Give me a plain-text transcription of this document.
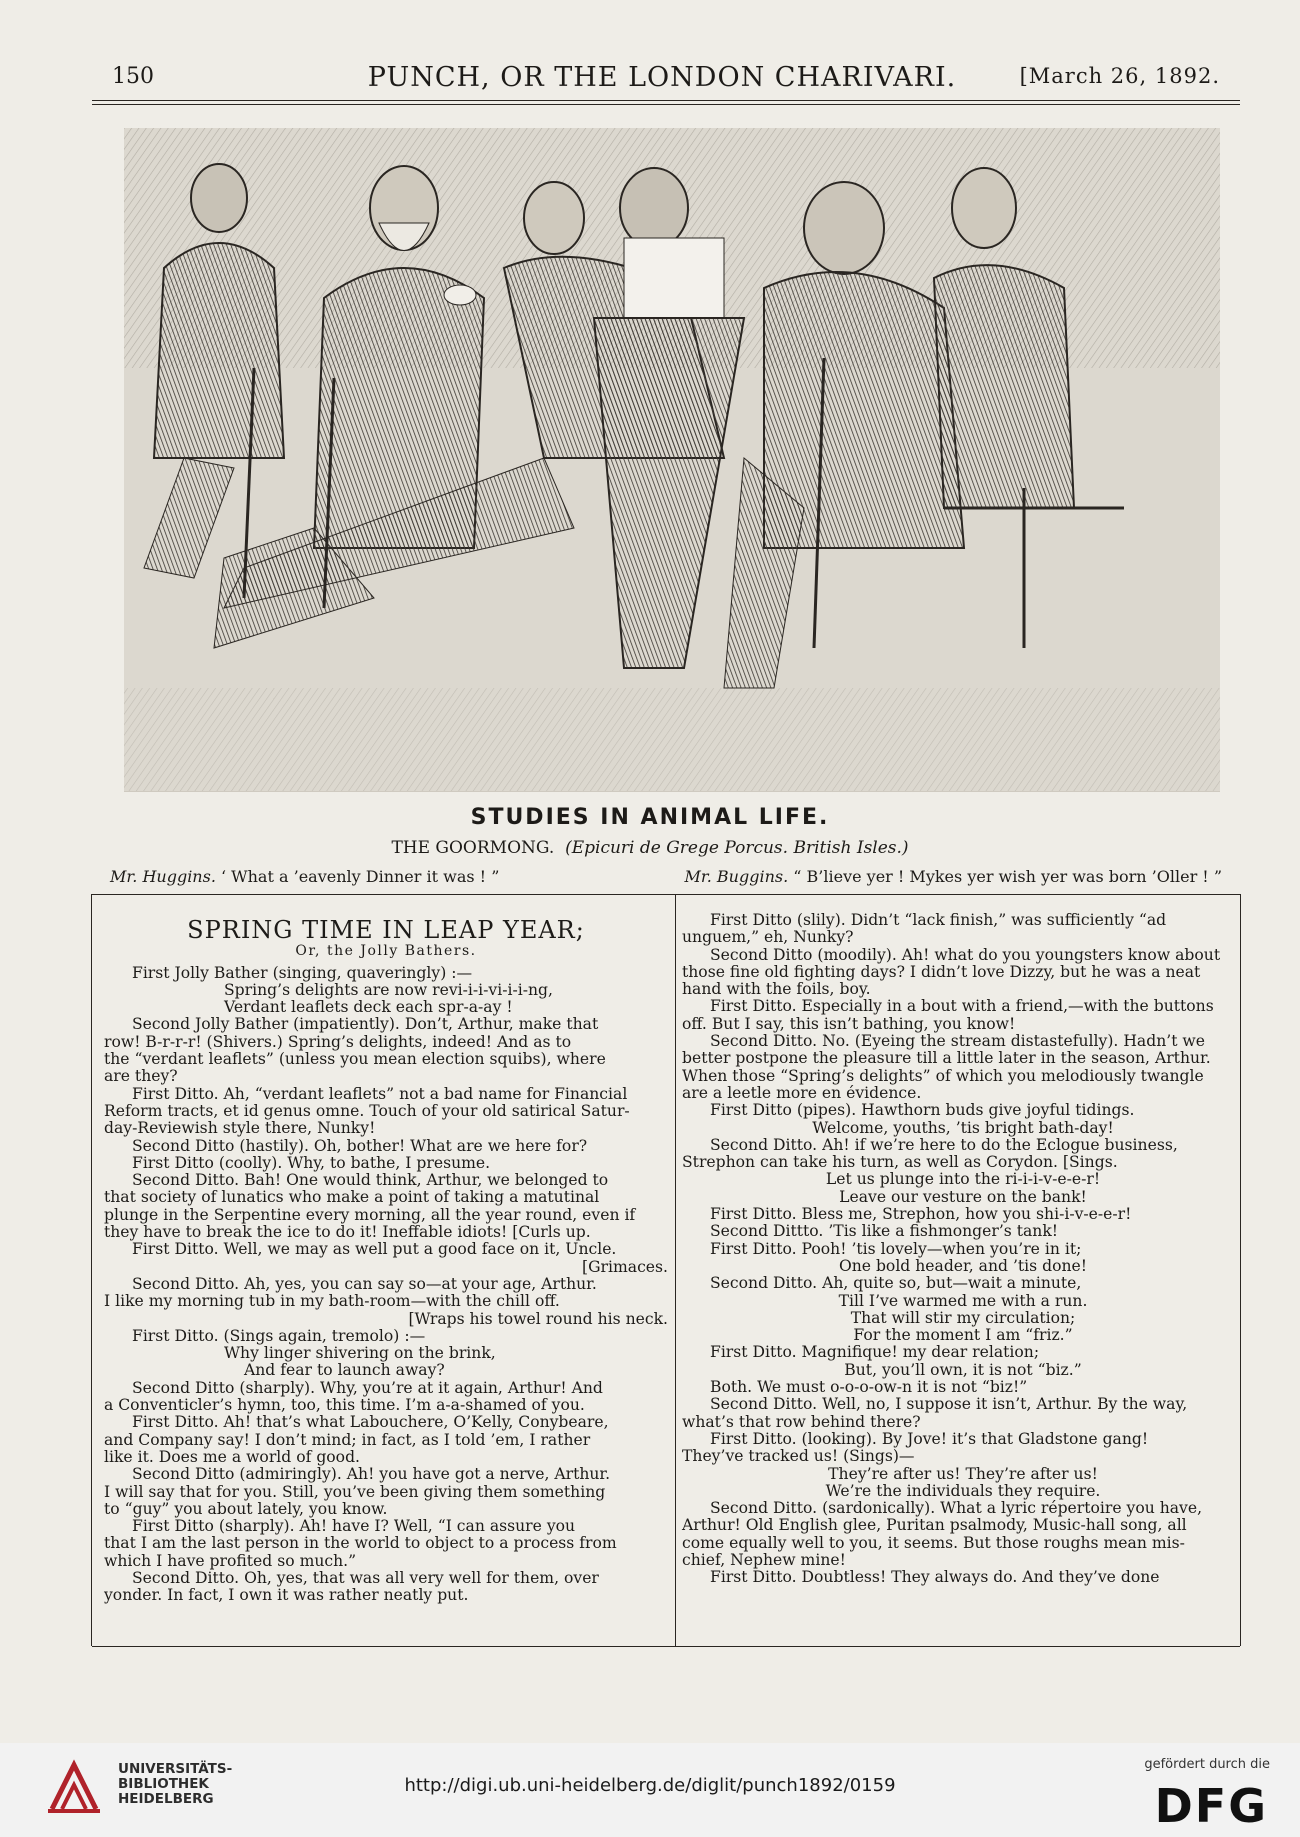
150	PUNCH, OR THE LONDON CHARIVARI.	[March 26, 1892.
STUDIES IN ANIMAL LIFE.
THE GOORMONG. (Epicuri de Grege Porcus. British Isles.)
Mr. Huggins. ‘ What a ’eavenly Dinner it was ! ”	Mr. Buggins. “ B’lieve yer ! Mykes yer wish yer was born ’Oller ! ”

SPRING TIME IN LEAP YEAR;

Or, the Jolly Bathers.

First Jolly Bather (singing, quaveringly) :—

Spring’s delights are now revi-i-i-vi-i-i-ng,

Verdant leaflets deck each spr-a-ay !

Second Jolly Bather (impatiently). Don’t, Arthur, make that

row! B-r-r-r! (Shivers.) Spring’s delights, indeed! And as to

the “verdant leaflets” (unless you mean election squibs), where

are they?

First Ditto. Ah, “verdant leaflets” not a bad name for Financial

Reform tracts, et id genus omne. Touch of your old satirical Satur-

day-Reviewish style there, Nunky!

Second Ditto (hastily). Oh, bother! What are we here for?

First Ditto (coolly). Why, to bathe, I presume.

Second Ditto. Bah! One would think, Arthur, we belonged to

that society of lunatics who make a point of taking a matutinal

plunge in the Serpentine every morning, all the year round, even if

they have to break the ice to do it! Ineffable idiots! [Curls up.

First Ditto. Well, we may as well put a good face on it, Uncle.

[Grimaces.

Second Ditto. Ah, yes, you can say so—at your age, Arthur.

I like my morning tub in my bath-room—with the chill off.

[Wraps his towel round his neck.

First Ditto. (Sings again, tremolo) :—

Why linger shivering on the brink,

And fear to launch away?

Second Ditto (sharply). Why, you’re at it again, Arthur! And

a Conventicler’s hymn, too, this time. I’m a-a-shamed of you.

First Ditto. Ah! that’s what Labouchere, O’Kelly, Conybeare,

and Company say! I don’t mind; in fact, as I told ’em, I rather

like it. Does me a world of good.

Second Ditto (admiringly). Ah! you have got a nerve, Arthur.

I will say that for you. Still, you’ve been giving them something

to “guy” you about lately, you know.

First Ditto (sharply). Ah! have I? Well, “I can assure you

that I am the last person in the world to object to a process from

which I have profited so much.”

Second Ditto. Oh, yes, that was all very well for them, over

yonder. In fact, I own it was rather neatly put.

First Ditto (slily). Didn’t “lack finish,” was sufficiently “ad

unguem,” eh, Nunky?

Second Ditto (moodily). Ah! what do you youngsters know about

those fine old fighting days? I didn’t love Dizzy, but he was a neat

hand with the foils, boy.

First Ditto. Especially in a bout with a friend,—with the buttons

off. But I say, this isn’t bathing, you know!

Second Ditto. No. (Eyeing the stream distastefully). Hadn’t we

better postpone the pleasure till a little later in the season, Arthur.

When those “Spring’s delights” of which you melodiously twangle

are a leetle more en évidence.

First Ditto (pipes). Hawthorn buds give joyful tidings.

Welcome, youths, ’tis bright bath-day!

Second Ditto. Ah! if we’re here to do the Eclogue business,

Strephon can take his turn, as well as Corydon. [Sings.

Let us plunge into the ri-i-i-v-e-e-r!

Leave our vesture on the bank!

First Ditto. Bless me, Strephon, how you shi-i-v-e-e-r!

Second Dittto. ’Tis like a fishmonger’s tank!

First Ditto. Pooh! ’tis lovely—when you’re in it;

One bold header, and ’tis done!

Second Ditto. Ah, quite so, but—wait a minute,

Till I’ve warmed me with a run.

That will stir my circulation;

For the moment I am “friz.”

First Ditto. Magnifique! my dear relation;

But, you’ll own, it is not “biz.”

Both. We must o-o-o-ow-n it is not “biz!”

Second Ditto. Well, no, I suppose it isn’t, Arthur. By the way,

what’s that row behind there?

First Ditto. (looking). By Jove! it’s that Gladstone gang!

They’ve tracked us! (Sings)—

They’re after us! They’re after us!

We’re the individuals they require.

Second Ditto. (sardonically). What a lyric répertoire you have,

Arthur! Old English glee, Puritan psalmody, Music-hall song, all

come equally well to you, it seems. But those roughs mean mis-

chief, Nephew mine!

First Ditto. Doubtless! They always do. And they’ve done

UNIVERSITÄTS-
BIBLIOTHEK
HEIDELBERG
http://digi.ub.uni-heidelberg.de/diglit/punch1892/0159
gefördert durch die
DFG
